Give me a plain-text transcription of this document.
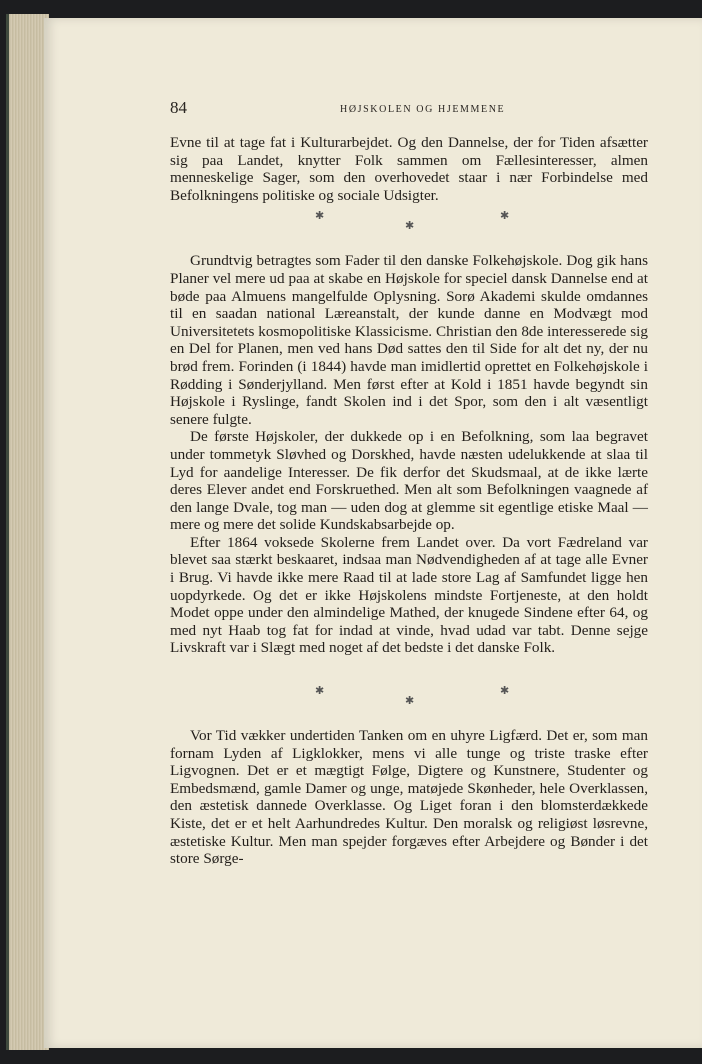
84	HØJSKOLEN OG HJEMMENE

Evne til at tage fat i Kulturarbejdet. Og den Dannelse, der for Tiden afsætter sig paa Landet, knytter Folk sammen om Fællesinteresser, almen menneskelige Sager, som den overhovedet staar i nær Forbindelse med Befolkningens politiske og sociale Udsigter.

✱
✱
✱

Grundtvig betragtes som Fader til den danske Folkehøjskole. Dog gik hans Planer vel mere ud paa at skabe en Højskole for speciel dansk Dannelse end at bøde paa Almuens mangelfulde Oplysning. Sorø Akademi skulde omdannes til en saadan national Læreanstalt, der kunde danne en Modvægt mod Universitetets kosmopolitiske Klassicisme. Christian den 8de interesserede sig en Del for Planen, men ved hans Død sattes den til Side for alt det ny, der nu brød frem. Forinden (i 1844) havde man imidlertid oprettet en Folkehøjskole i Rødding i Sønderjylland. Men først efter at Kold i 1851 havde begyndt sin Højskole i Ryslinge, fandt Skolen ind i det Spor, som den i alt væsentligt senere fulgte.

De første Højskoler, der dukkede op i en Befolkning, som laa begravet under tommetyk Sløvhed og Dorskhed, havde næsten udelukkende at slaa til Lyd for aandelige Interesser. De fik derfor det Skudsmaal, at de ikke lærte deres Elever andet end Forskruethed. Men alt som Befolkningen vaagnede af den lange Dvale, tog man — uden dog at glemme sit egentlige etiske Maal — mere og mere det solide Kundskabsarbejde op.

Efter 1864 voksede Skolerne frem Landet over. Da vort Fædreland var blevet saa stærkt beskaaret, indsaa man Nødvendigheden af at tage alle Evner i Brug. Vi havde ikke mere Raad til at lade store Lag af Samfundet ligge hen uopdyrkede. Og det er ikke Højskolens mindste Fortjeneste, at den holdt Modet oppe under den almindelige Mathed, der knugede Sindene efter 64, og med nyt Haab tog fat for indad at vinde, hvad udad var tabt. Denne sejge Livskraft var i Slægt med noget af det bedste i det danske Folk.

✱
✱
✱

Vor Tid vækker undertiden Tanken om en uhyre Ligfærd. Det er, som man fornam Lyden af Ligklokker, mens vi alle tunge og triste traske efter Ligvognen. Det er et mægtigt Følge, Digtere og Kunstnere, Studenter og Embedsmænd, gamle Damer og unge, matøjede Skønheder, hele Overklassen, den æstetisk dannede Overklasse. Og Liget foran i den blomsterdækkede Kiste, det er et helt Aarhundredes Kultur. Den moralsk og religiøst løsrevne, æstetiske Kultur. Men man spejder forgæves efter Arbejdere og Bønder i det store Sørge-
